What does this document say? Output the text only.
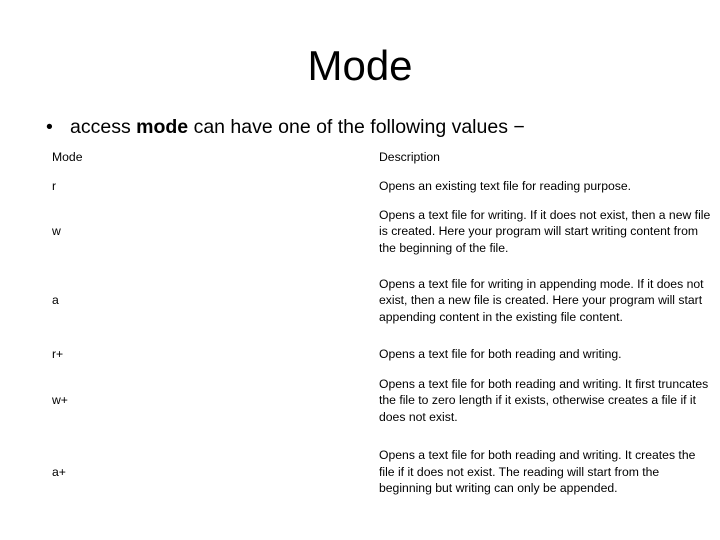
Mode
• access mode can have one of the following values −
Mode	Description
r	Opens an existing text file for reading purpose.
w	Opens a text file for writing. If it does not exist, then a new file is created. Here your program will start writing content from the beginning of the file.
a	Opens a text file for writing in appending mode. If it does not exist, then a new file is created. Here your program will start appending content in the existing file content.
r+	Opens a text file for both reading and writing.
w+	Opens a text file for both reading and writing. It first truncates the file to zero length if it exists, otherwise creates a file if it does not exist.
a+	Opens a text file for both reading and writing. It creates the file if it does not exist. The reading will start from the beginning but writing can only be appended.
